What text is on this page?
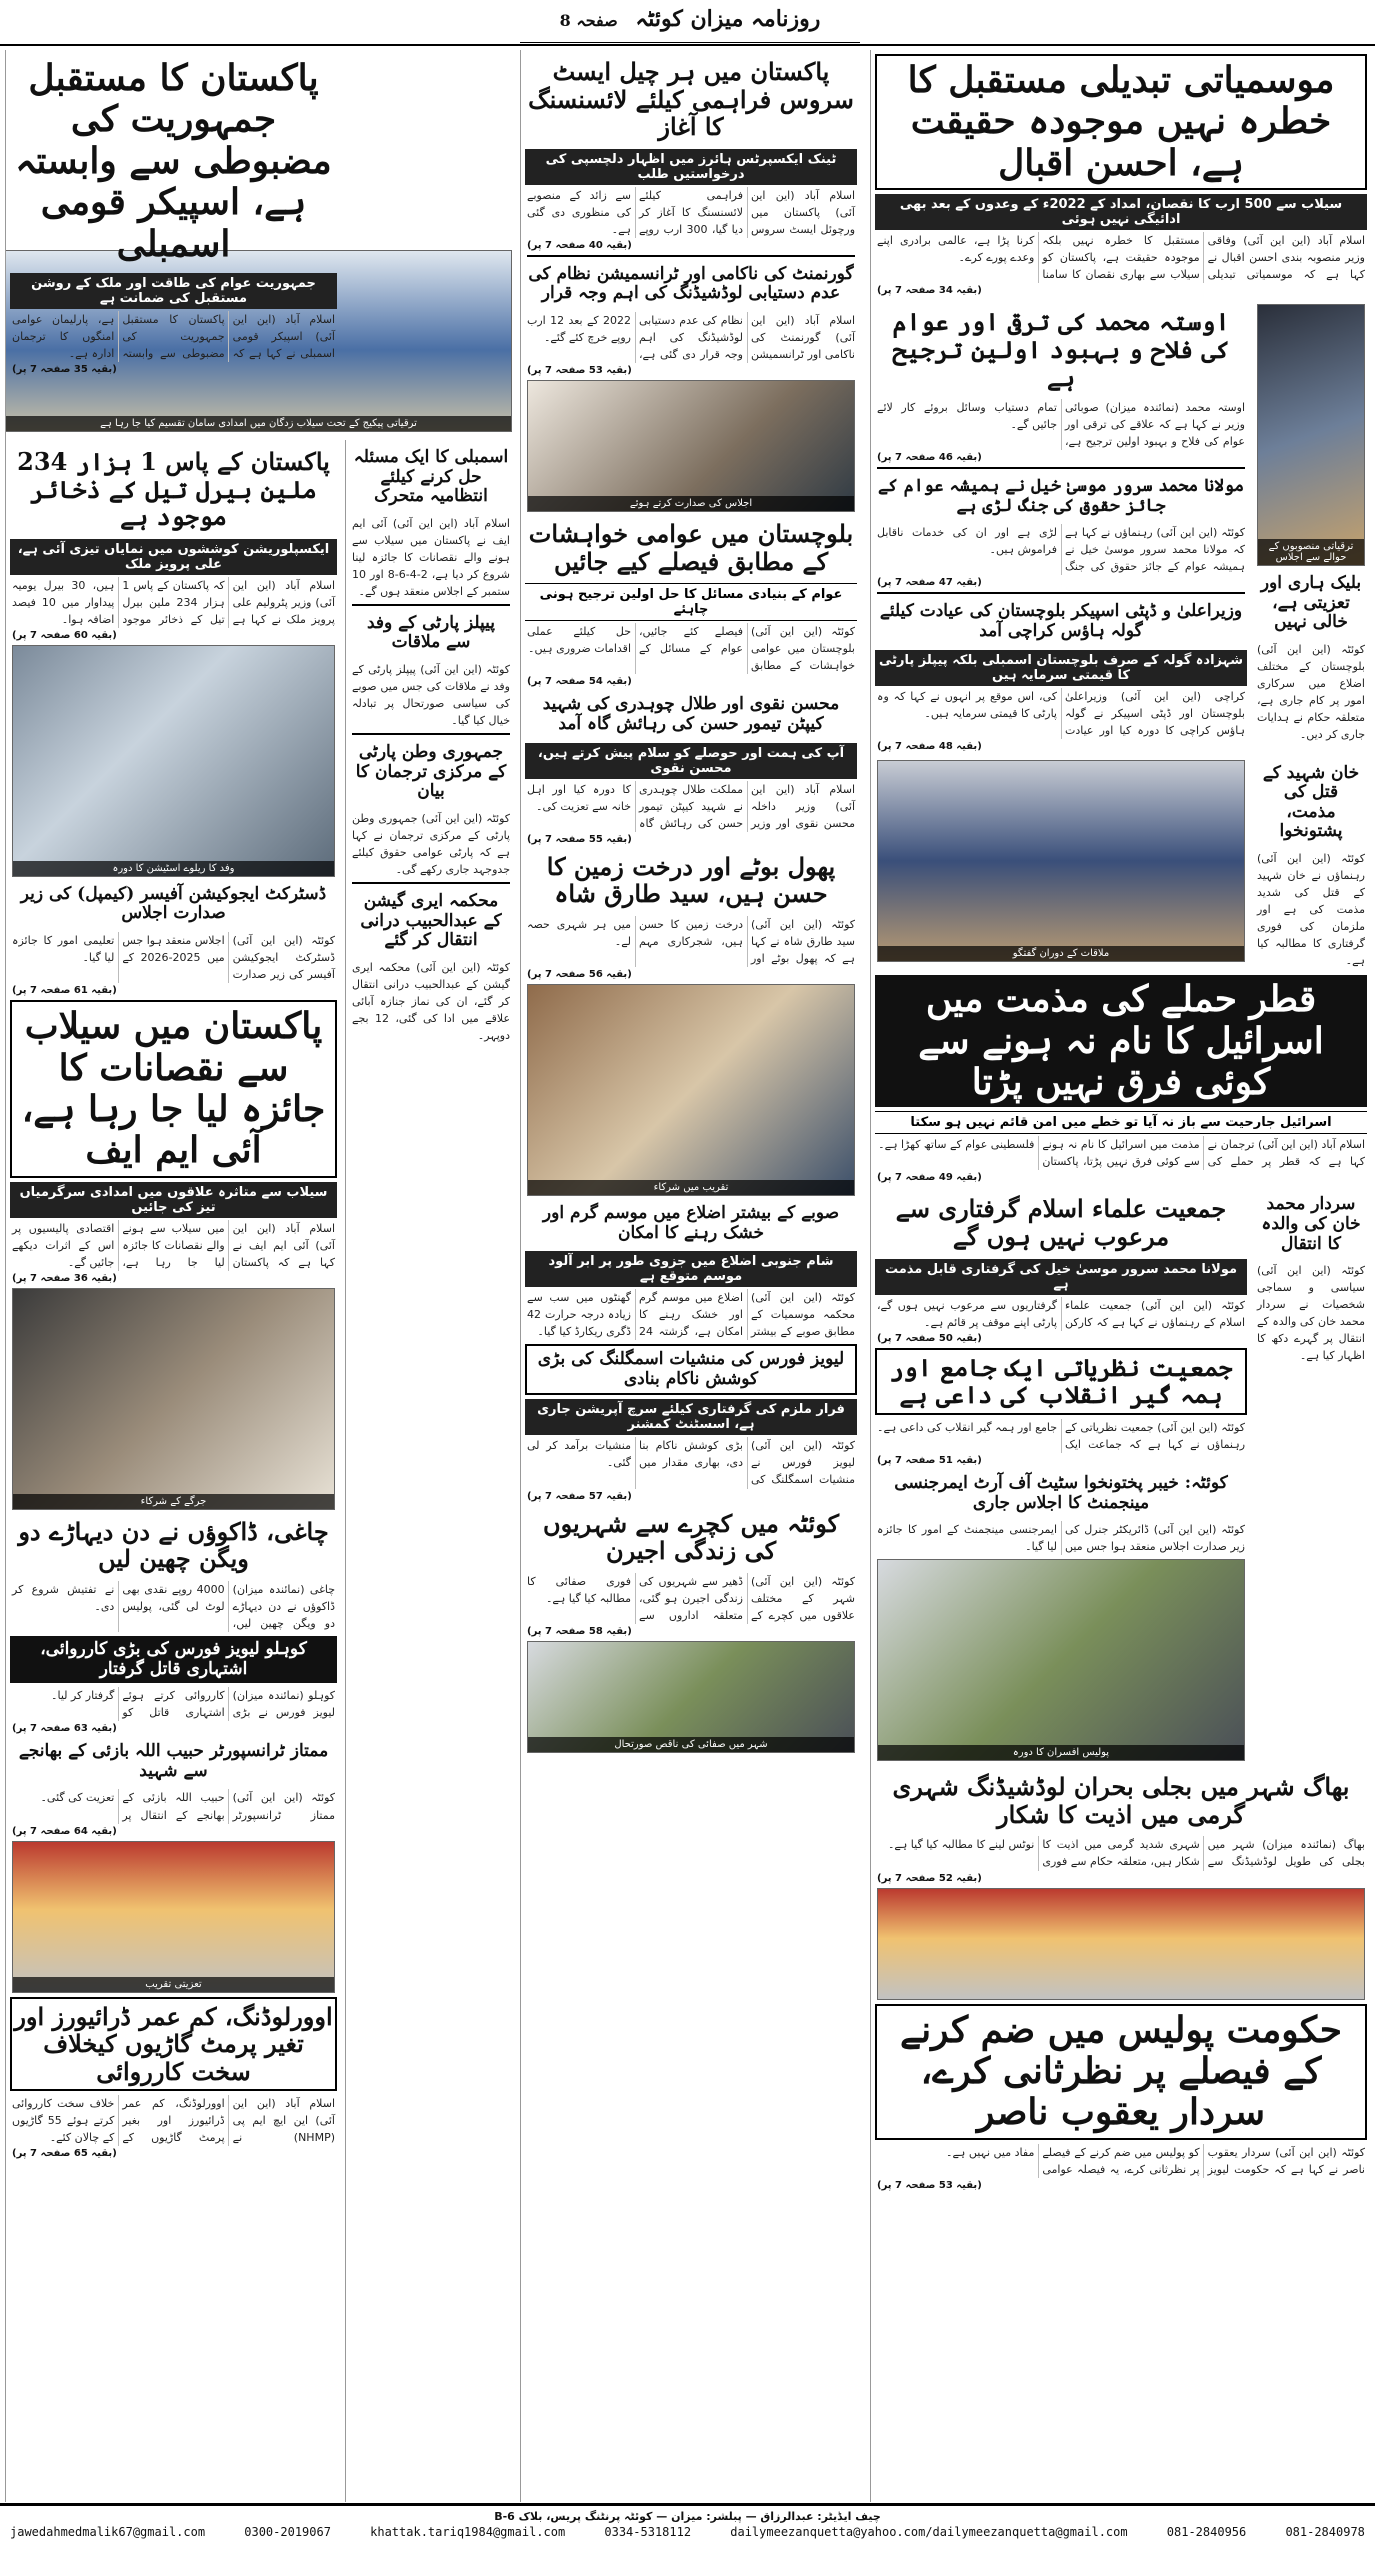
روزنامہ میزان کوئٹہ صفحہ 8
موسمیاتی تبدیلی مستقبل کا خطرہ نہیں موجودہ حقیقت ہے، احسن اقبال
سیلاب سے 500 ارب کا نقصان، امداد کے 2022ء کے وعدوں کے بعد بھی ادائیگی نہیں ہوئی
اسلام آباد (این این آئی) وفاقی وزیر منصوبہ بندی احسن اقبال نے کہا ہے کہ موسمیاتی تبدیلی مستقبل کا خطرہ نہیں بلکہ موجودہ حقیقت ہے، پاکستان کو سیلاب سے بھاری نقصان کا سامنا کرنا پڑا ہے، عالمی برادری اپنے وعدے پورے کرے۔
(بقیہ 34 صفحہ 7 پر)
ترقیاتی منصوبوں کے حوالے سے اجلاس
بلیک ہاری اور تعزیتی ہے، خالی نہیں
کوئٹہ (این این آئی) بلوچستان کے مختلف اضلاع میں سرکاری امور پر کام جاری ہے، متعلقہ حکام نے ہدایات جاری کر دیں۔
اوستہ محمد کی ترقی اور عوام کی فلاح و بہبود اولین ترجیح ہے
اوستہ محمد (نمائندہ میزان) صوبائی وزیر نے کہا ہے کہ علاقے کی ترقی اور عوام کی فلاح و بہبود اولین ترجیح ہے، تمام دستیاب وسائل بروئے کار لائے جائیں گے۔
(بقیہ 46 صفحہ 7 پر)
مولانا محمد سرور موسیٰ خیل نے ہمیشہ عوام کے جائز حقوق کی جنگ لڑی ہے
کوئٹہ (این این آئی) رہنماؤں نے کہا ہے کہ مولانا محمد سرور موسیٰ خیل نے ہمیشہ عوام کے جائز حقوق کی جنگ لڑی ہے اور ان کی خدمات ناقابل فراموش ہیں۔
(بقیہ 47 صفحہ 7 پر)
وزیراعلیٰ و ڈپٹی اسپیکر بلوچستان کی عیادت کیلئے گولہ ہاؤس کراچی آمد
شہزادہ گولہ کے صرف بلوچستان اسمبلی بلکہ پیپلز پارٹی کا قیمتی سرمایہ ہیں
کراچی (این این آئی) وزیراعلیٰ بلوچستان اور ڈپٹی اسپیکر نے گولہ ہاؤس کراچی کا دورہ کیا اور عیادت کی، اس موقع پر انہوں نے کہا کہ وہ پارٹی کا قیمتی سرمایہ ہیں۔
(بقیہ 48 صفحہ 7 پر)
خان شہید کے قتل کی مذمت، پشتونخوا
کوئٹہ (این این آئی) رہنماؤں نے خان شہید کے قتل کی شدید مذمت کی ہے اور ملزمان کی فوری گرفتاری کا مطالبہ کیا ہے۔
ملاقات کے دوران گفتگو
قطر حملے کی مذمت میں اسرائیل کا نام نہ ہونے سے کوئی فرق نہیں پڑتا
اسرائیل جارحیت سے باز نہ آیا تو خطے میں امن قائم نہیں ہو سکتا
اسلام آباد (این این آئی) ترجمان نے کہا ہے کہ قطر پر حملے کی مذمت میں اسرائیل کا نام نہ ہونے سے کوئی فرق نہیں پڑتا، پاکستان فلسطینی عوام کے ساتھ کھڑا ہے۔
(بقیہ 49 صفحہ 7 پر)
سردار محمد خان کی والدہ کا انتقال
کوئٹہ (این این آئی) سیاسی و سماجی شخصیات نے سردار محمد خان کی والدہ کے انتقال پر گہرے دکھ کا اظہار کیا ہے۔
جمعیت علماء اسلام گرفتاری سے مرعوب نہیں ہوں گے
مولانا محمد سرور موسیٰ خیل کی گرفتاری قابل مذمت ہے
کوئٹہ (این این آئی) جمعیت علماء اسلام کے رہنماؤں نے کہا ہے کہ کارکن گرفتاریوں سے مرعوب نہیں ہوں گے، پارٹی اپنے موقف پر قائم ہے۔
(بقیہ 50 صفحہ 7 پر)
جمعیت نظریاتی ایک جامع اور ہمہ گیر انقلاب کی داعی ہے
کوئٹہ (این این آئی) جمعیت نظریاتی کے رہنماؤں نے کہا ہے کہ جماعت ایک جامع اور ہمہ گیر انقلاب کی داعی ہے۔
(بقیہ 51 صفحہ 7 پر)
کوئٹہ: خیبر پختونخوا سٹیٹ آف آرٹ ایمرجنسی مینجمنٹ کا اجلاس جاری
کوئٹہ (این این آئی) ڈائریکٹر جنرل کی زیر صدارت اجلاس منعقد ہوا جس میں ایمرجنسی مینجمنٹ کے امور کا جائزہ لیا گیا۔
پولیس افسران کا دورہ
بھاگ شہر میں بجلی بحران لوڈشیڈنگ شہری گرمی میں اذیت کا شکار
بھاگ (نمائندہ میزان) شہر میں بجلی کی طویل لوڈشیڈنگ سے شہری شدید گرمی میں اذیت کا شکار ہیں، متعلقہ حکام سے فوری نوٹس لینے کا مطالبہ کیا گیا ہے۔
(بقیہ 52 صفحہ 7 پر)
حکومت پولیس میں ضم کرنے کے فیصلے پر نظرثانی کرے، سردار یعقوب ناصر
کوئٹہ (این این آئی) سردار یعقوب ناصر نے کہا ہے کہ حکومت لیویز کو پولیس میں ضم کرنے کے فیصلے پر نظرثانی کرے، یہ فیصلہ عوامی مفاد میں نہیں ہے۔
(بقیہ 53 صفحہ 7 پر)
پاکستان میں ہر چیل ایسٹ سروس فراہمی کیلئے لائسنسنگ کا آغاز
ٹینک ایکسپرٹس ہائرز میں اظہار دلچسپی کی درخواستیں طلب
اسلام آباد (این این آئی) پاکستان میں ورچوئل ایسٹ سروس فراہمی کیلئے لائسنسنگ کا آغاز کر دیا گیا، 300 ارب روپے سے زائد کے منصوبے کی منظوری دی گئی ہے۔
(بقیہ 40 صفحہ 7 پر)
گورنمنٹ کی ناکامی اور ٹرانسمیشن نظام کی عدم دستیابی لوڈشیڈنگ کی اہم وجہ قرار
اسلام آباد (این این آئی) گورنمنٹ کی ناکامی اور ٹرانسمیشن نظام کی عدم دستیابی لوڈشیڈنگ کی اہم وجہ قرار دی گئی ہے، 2022 کے بعد 12 ارب روپے خرچ کئے گئے۔
(بقیہ 53 صفحہ 7 پر)
اجلاس کی صدارت کرتے ہوئے
بلوچستان میں عوامی خواہشات کے مطابق فیصلے کیے جائیں
عوام کے بنیادی مسائل کا حل اولین ترجیح ہونی چاہئے
کوئٹہ (این این آئی) بلوچستان میں عوامی خواہشات کے مطابق فیصلے کئے جائیں، عوام کے مسائل کے حل کیلئے عملی اقدامات ضروری ہیں۔
(بقیہ 54 صفحہ 7 پر)
محسن نقوی اور طلال چوہدری کی شہید کیپٹن تیمور حسن کی رہائش گاہ آمد
آپ کی ہمت اور حوصلے کو سلام پیش کرتے ہیں، محسن نقوی
اسلام آباد (این این آئی) وزیر داخلہ محسن نقوی اور وزیر مملکت طلال چوہدری نے شہید کیپٹن تیمور حسن کی رہائش گاہ کا دورہ کیا اور اہل خانہ سے تعزیت کی۔
(بقیہ 55 صفحہ 7 پر)
پھول بوٹے اور درخت زمین کا حسن ہیں، سید طارق شاہ
کوئٹہ (این این آئی) سید طارق شاہ نے کہا ہے کہ پھول بوٹے اور درخت زمین کا حسن ہیں، شجرکاری مہم میں ہر شہری حصہ لے۔
(بقیہ 56 صفحہ 7 پر)
تقریب میں شرکاء
صوبے کے بیشتر اضلاع میں موسم گرم اور خشک رہنے کا امکان
شام جنوبی اضلاع میں جزوی طور پر ابر آلود موسم متوقع ہے
کوئٹہ (این این آئی) محکمہ موسمیات کے مطابق صوبے کے بیشتر اضلاع میں موسم گرم اور خشک رہنے کا امکان ہے، گزشتہ 24 گھنٹوں میں سب سے زیادہ درجہ حرارت 42 ڈگری ریکارڈ کیا گیا۔
لیویز فورس کی منشیات اسمگلنگ کی بڑی کوشش ناکام بنادی
فرار ملزم کی گرفتاری کیلئے سرچ آپریشن جاری ہے، اسسٹنٹ کمشنر
کوئٹہ (این این آئی) لیویز فورس نے منشیات اسمگلنگ کی بڑی کوشش ناکام بنا دی، بھاری مقدار میں منشیات برآمد کر لی گئی۔
(بقیہ 57 صفحہ 7 پر)
کوئٹہ میں کچرے سے شہریوں کی زندگی اجیرن
کوئٹہ (این این آئی) شہر کے مختلف علاقوں میں کچرے کے ڈھیر سے شہریوں کی زندگی اجیرن ہو گئی، متعلقہ اداروں سے فوری صفائی کا مطالبہ کیا گیا ہے۔
(بقیہ 58 صفحہ 7 پر)
شہر میں صفائی کی ناقص صورتحال
ترقیاتی پیکیج کے تحت سیلاب زدگان میں امدادی سامان تقسیم کیا جا رہا ہے
اسمبلی کا ایک مسئلہ حل کرنے کیلئے انتظامیہ متحرک
اسلام آباد (این این آئی) آئی ایم ایف نے پاکستان میں سیلاب سے ہونے والے نقصانات کا جائزہ لینا شروع کر دیا ہے، 2-4-6-8 اور 10 ستمبر کے اجلاس منعقد ہوں گے۔
پیپلز پارٹی کے وفد سے ملاقات
کوئٹہ (این این آئی) پیپلز پارٹی کے وفد نے ملاقات کی جس میں صوبے کی سیاسی صورتحال پر تبادلہ خیال کیا گیا۔
جمہوری وطن پارٹی کے مرکزی ترجمان کا بیان
کوئٹہ (این این آئی) جمہوری وطن پارٹی کے مرکزی ترجمان نے کہا ہے کہ پارٹی عوامی حقوق کیلئے جدوجہد جاری رکھے گی۔
محکمہ ایری گیشن کے عبدالحبیب درانی انتقال کر گئے
کوئٹہ (این این آئی) محکمہ ایری گیشن کے عبدالحبیب درانی انتقال کر گئے، ان کی نماز جنازہ آبائی علاقے میں ادا کی گئی، 12 بجے دوپہر۔
پاکستان کا مستقبل جمہوریت کی مضبوطی سے وابستہ ہے، اسپیکر قومی اسمبلی
جمہوریت عوام کی طاقت اور ملک کے روشن مستقبل کی ضمانت ہے
اسلام آباد (این این آئی) اسپیکر قومی اسمبلی نے کہا ہے کہ پاکستان کا مستقبل جمہوریت کی مضبوطی سے وابستہ ہے، پارلیمان عوامی امنگوں کا ترجمان ادارہ ہے۔
(بقیہ 35 صفحہ 7 پر)
پاکستان کے پاس 1 ہزار 234 ملین بیرل تیل کے ذخائر موجود ہے
ایکسپلوریشن کوششوں میں نمایاں تیزی آئی ہے، علی پرویز ملک
اسلام آباد (این این آئی) وزیر پٹرولیم علی پرویز ملک نے کہا ہے کہ پاکستان کے پاس 1 ہزار 234 ملین بیرل تیل کے ذخائر موجود ہیں، 30 بیرل یومیہ پیداوار میں 10 فیصد اضافہ ہوا۔
(بقیہ 60 صفحہ 7 پر)
وفد کا ریلوے اسٹیشن کا دورہ
ڈسٹرکٹ ایجوکیشن آفیسر (کیمپل) کی زیر صدارت اجلاس
کوئٹہ (این این آئی) ڈسٹرکٹ ایجوکیشن آفیسر کی زیر صدارت اجلاس منعقد ہوا جس میں 2025-2026 کے تعلیمی امور کا جائزہ لیا گیا۔
(بقیہ 61 صفحہ 7 پر)
پاکستان میں سیلاب سے نقصانات کا جائزہ لیا جا رہا ہے، آئی ایم ایف
سیلاب سے متاثرہ علاقوں میں امدادی سرگرمیاں تیز کی جائیں
اسلام آباد (این این آئی) آئی ایم ایف نے کہا ہے کہ پاکستان میں سیلاب سے ہونے والے نقصانات کا جائزہ لیا جا رہا ہے، اقتصادی پالیسیوں پر اس کے اثرات دیکھے جائیں گے۔
(بقیہ 36 صفحہ 7 پر)
جرگے کے شرکاء
چاغی، ڈاکوؤں نے دن دیہاڑے دو ویگن چھین لیں
چاغی (نمائندہ میزان) ڈاکوؤں نے دن دیہاڑے دو ویگن چھین لیں، 4000 روپے نقدی بھی لوٹ لی گئی، پولیس نے تفتیش شروع کر دی۔
کوہلو لیویز فورس کی بڑی کارروائی، اشتہاری قاتل گرفتار
کوہلو (نمائندہ میزان) لیویز فورس نے بڑی کارروائی کرتے ہوئے اشتہاری قاتل کو گرفتار کر لیا۔
(بقیہ 63 صفحہ 7 پر)
ممتاز ٹرانسپورٹر حبیب اللہ بازئی کے بھانجے سے شہید
کوئٹہ (این این آئی) ممتاز ٹرانسپورٹر حبیب اللہ بازئی کے بھانجے کے انتقال پر تعزیت کی گئی۔
(بقیہ 64 صفحہ 7 پر)
تعزیتی تقریب
اوورلوڈنگ، کم عمر ڈرائیورز اور تغیر پرمٹ گاڑیوں کیخلاف سخت کارروائی
اسلام آباد (این این آئی) این ایچ ایم پی (NHMP) نے اوورلوڈنگ، کم عمر ڈرائیورز اور بغیر پرمٹ گاڑیوں کے خلاف سخت کارروائی کرتے ہوئے 55 گاڑیوں کے چالان کئے۔
(بقیہ 65 صفحہ 7 پر)
چیف ایڈیٹر: عبدالرزاق — پبلشر: میزان — کوئٹہ پرنٹنگ پریس، بلاک B-6
jawedahmedmalik67@gmail.com	0300-2019067	khattak.tariq1984@gmail.com	0334-5318112	dailymeezanquetta@yahoo.com/dailymeezanquetta@gmail.com	081-2840956	081-2840978
